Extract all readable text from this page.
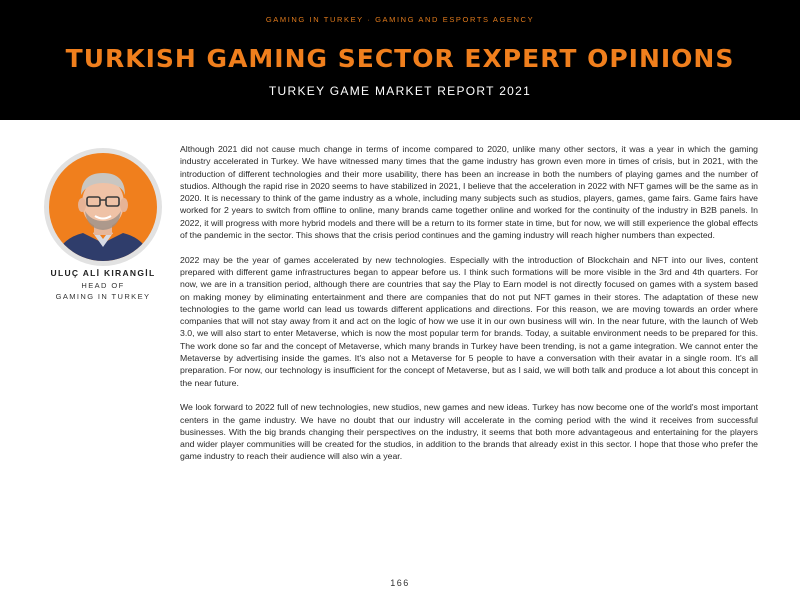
GAMING IN TURKEY · GAMING AND ESPORTS AGENCY
TURKISH GAMING SECTOR EXPERT OPINIONS
TURKEY GAME MARKET REPORT 2021
ULUÇ ALİ KIRANGİL
HEAD OF
GAMING IN TURKEY

Although 2021 did not cause much change in terms of income compared to 2020, unlike many other sectors, it was a year in which the gaming industry accelerated in Turkey. We have witnessed many times that the game industry has grown even more in times of crisis, but in 2021, with the introduction of different technologies and their more usability, there has been an increase in both the numbers of playing games and the number of studios. Although the rapid rise in 2020 seems to have stabilized in 2021, I believe that the acceleration in 2022 with NFT games will be the same as in 2020. It is necessary to think of the game industry as a whole, including many subjects such as studios, players, games, game fairs. Game fairs have worked for 2 years to switch from offline to online, many brands came together online and worked for the continuity of the industry in B2B panels. In 2022, it will progress with more hybrid models and there will be a return to its former state in time, but for now, we will still experience the global effects of the pandemic in the sector. This shows that the crisis period continues and the gaming industry will reach higher numbers than expected.

2022 may be the year of games accelerated by new technologies. Especially with the introduction of Blockchain and NFT into our lives, content prepared with different game infrastructures began to appear before us. I think such formations will be more visible in the 3rd and 4th quarters. For now, we are in a transition period, although there are countries that say the Play to Earn model is not directly focused on games with a system based on making money by eliminating entertainment and there are companies that do not put NFT games in their stores. The adaptation of these new technologies to the game world can lead us towards different applications and directions. For this reason, we are moving towards an order where companies that will not stay away from it and act on the logic of how we use it in our own business will win. In the near future, with the launch of Web 3.0, we will also start to enter Metaverse, which is now the most popular term for brands. Today, a suitable environment needs to be prepared for this. The work done so far and the concept of Metaverse, which many brands in Turkey have been trending, is not a game integration. We cannot enter the Metaverse by advertising inside the games. It's also not a Metaverse for 5 people to have a conversation with their avatar in a single room. It's all preparation. For now, our technology is insufficient for the concept of Metaverse, but as I said, we will both talk and produce a lot about this concept in the near future.

We look forward to 2022 full of new technologies, new studios, new games and new ideas. Turkey has now become one of the world's most important centers in the game industry. We have no doubt that our industry will accelerate in the coming period with the wind it receives from successful businesses. With the big brands changing their perspectives on the industry, it seems that both more advantageous and entertaining for the players and wider player communities will be created for the studios, in addition to the brands that already exist in this sector. I hope that those who prefer the game industry to reach their audience will also win a year.

166
